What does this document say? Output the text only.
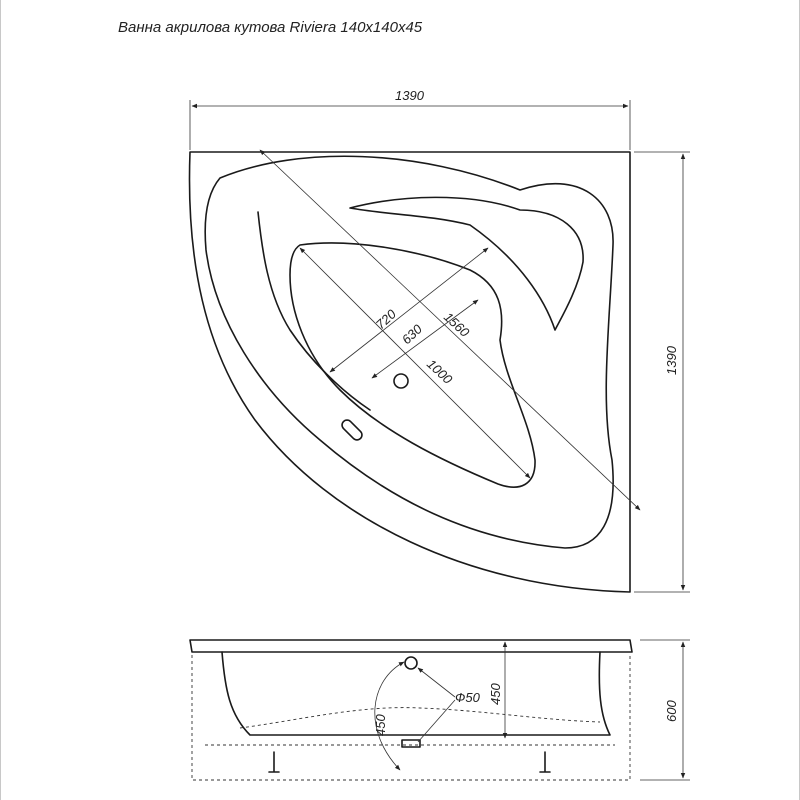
Ванна акрилова кутова Riviera 140x140x45
1390
1390
1560
1000
630
720
450
600
Ф50
450
